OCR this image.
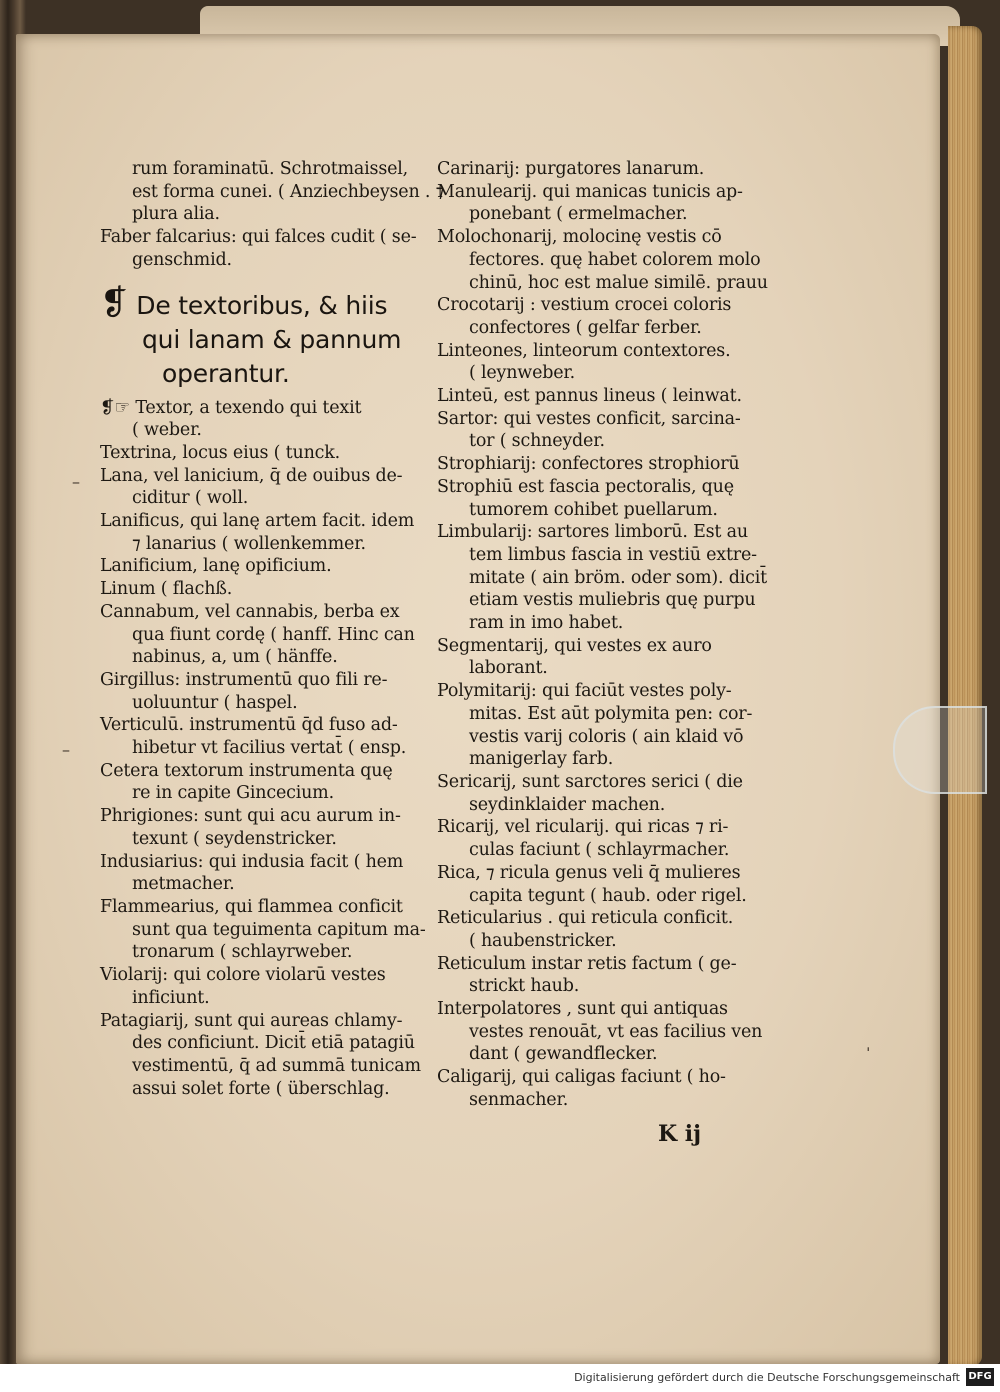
rum foraminatū. Schrotmaissel,
est forma cunei. ( Anziechbeysen . ⁊
plura alia.
Faber falcarius: qui falces cudit ( se-
genschmid.
❡ De textoribus, & hiis
qui lanam & pannum
operantur.
❡☞ Textor, a texendo qui texit
( weber.
Textrina, locus eius ( tunck.
Lana, vel lanicium, q̄ de ouibus de-
ciditur ( woll.
Lanificus, qui lanę artem facit. idem
⁊ lanarius ( wollenkemmer.
Lanificium, lanę opificium.
Linum ( flachß.
Cannabum, vel cannabis, berba ex
qua fiunt cordę ( hanff. Hinc can
nabinus, a, um ( hänffe.
Girgillus: instrumentū quo fili re-
uoluuntur ( haspel.
Verticulū. instrumentū q̄d fuso ad-
hibetur vt facilius vertat̄ ( ensp.
Cetera textorum instrumenta quę
re in capite Gincecium.
Phrigiones: sunt qui acu aurum in-
texunt ( seydenstricker.
Indusiarius: qui indusia facit ( hem
metmacher.
Flammearius, qui flammea conficit
sunt qua teguimenta capitum ma-
tronarum ( schlayrweber.
Violarij: qui colore violarū vestes
inficiunt.
Patagiarij, sunt qui aureas chlamy-
des conficiunt. Dicit̄ etiā patagiū
vestimentū, q̄ ad summā tunicam
assui solet forte ( überschlag.
Carinarij: purgatores lanarum.
Manulearij. qui manicas tunicis ap-
ponebant ( ermelmacher.
Molochonarij, molocinę vestis cō
fectores. quę habet colorem molo
chinū, hoc est malue similē. prauu
Crocotarij : vestium crocei coloris
confectores ( gelfar ferber.
Linteones, linteorum contextores.
( leynweber.
Linteū, est pannus lineus ( leinwat.
Sartor: qui vestes conficit, sarcina-
tor ( schneyder.
Strophiarij: confectores strophiorū
Strophiū est fascia pectoralis, quę
tumorem cohibet puellarum.
Limbularij: sartores limborū. Est au
tem limbus fascia in vestiū extre-
mitate ( ain bröm. oder som). dicit̄
etiam vestis muliebris quę purpu
ram in imo habet.
Segmentarij, qui vestes ex auro
laborant.
Polymitarij: qui faciūt vestes poly-
mitas. Est aūt polymita pen: cor-
vestis varij coloris ( ain klaid vō
manigerlay farb.
Sericarij, sunt sarctores serici ( die
seydinklaider machen.
Ricarij, vel ricularij. qui ricas ⁊ ri-
culas faciunt ( schlayrmacher.
Rica, ⁊ ricula genus veli q̄ mulieres
capita tegunt ( haub. oder rigel.
Reticularius . qui reticula conficit.
( haubenstricker.
Reticulum instar retis factum ( ge-
strickt haub.
Interpolatores , sunt qui antiquas
vestes renouāt, vt eas facilius ven
dant ( gewandflecker.
Caligarij, qui caligas faciunt ( ho-
senmacher.
K ij
–
–
ˌ
Digitalisierung gefördert durch die Deutsche Forschungsgemeinschaft DFG
